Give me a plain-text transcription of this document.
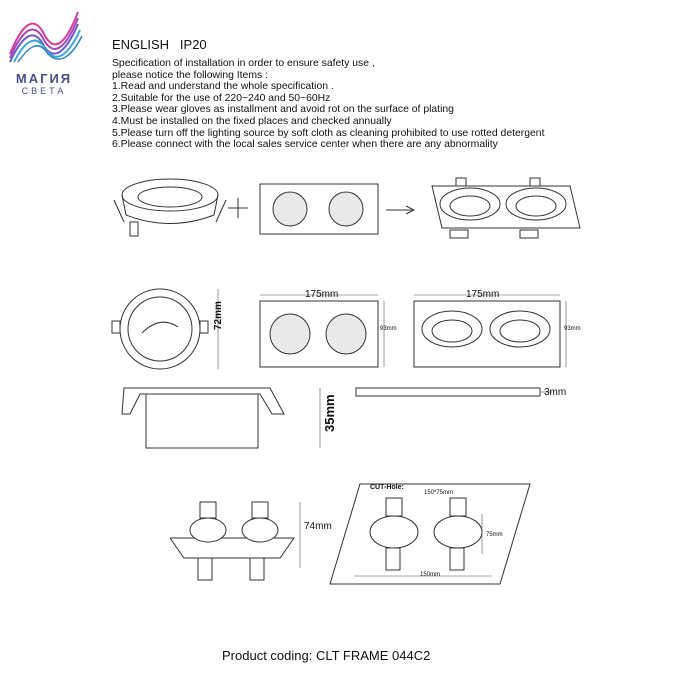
МАГИЯ
СВЕТА
ENGLISH IP20
Specification of installation in order to ensure safety use ,
please notice the following Items :
1.Read and understand the whole specification .
2.Suitable for the use of 220~240 and 50~60Hz
3.Please wear gloves as installment and avoid rot on the surface of plating
4.Must be installed on the fixed places and checked annually
5.Please turn off the lighting source by soft cloth as cleaning prohibited to use rotted detergent
6.Please connect with the local sales service center when there are any abnormality
72mm
175mm
93mm
175mm
93mm
35mm
3mm
74mm
CUT-Hole:
150*75mm
75mm
150mm
Product coding: CLT FRAME 044C2
